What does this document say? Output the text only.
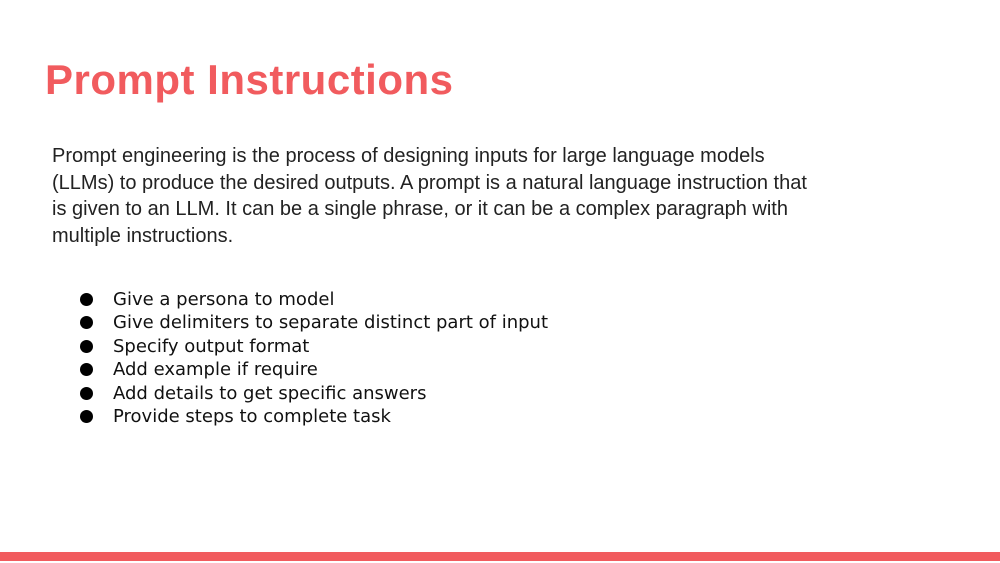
Prompt Instructions

Prompt engineering is the process of designing inputs for large language models (LLMs) to produce the desired outputs. A prompt is a natural language instruction that is given to an LLM. It can be a single phrase, or it can be a complex paragraph with multiple instructions.

Give a persona to model
Give delimiters to separate distinct part of input
Specify output format
Add example if require
Add details to get specific answers
Provide steps to complete task
